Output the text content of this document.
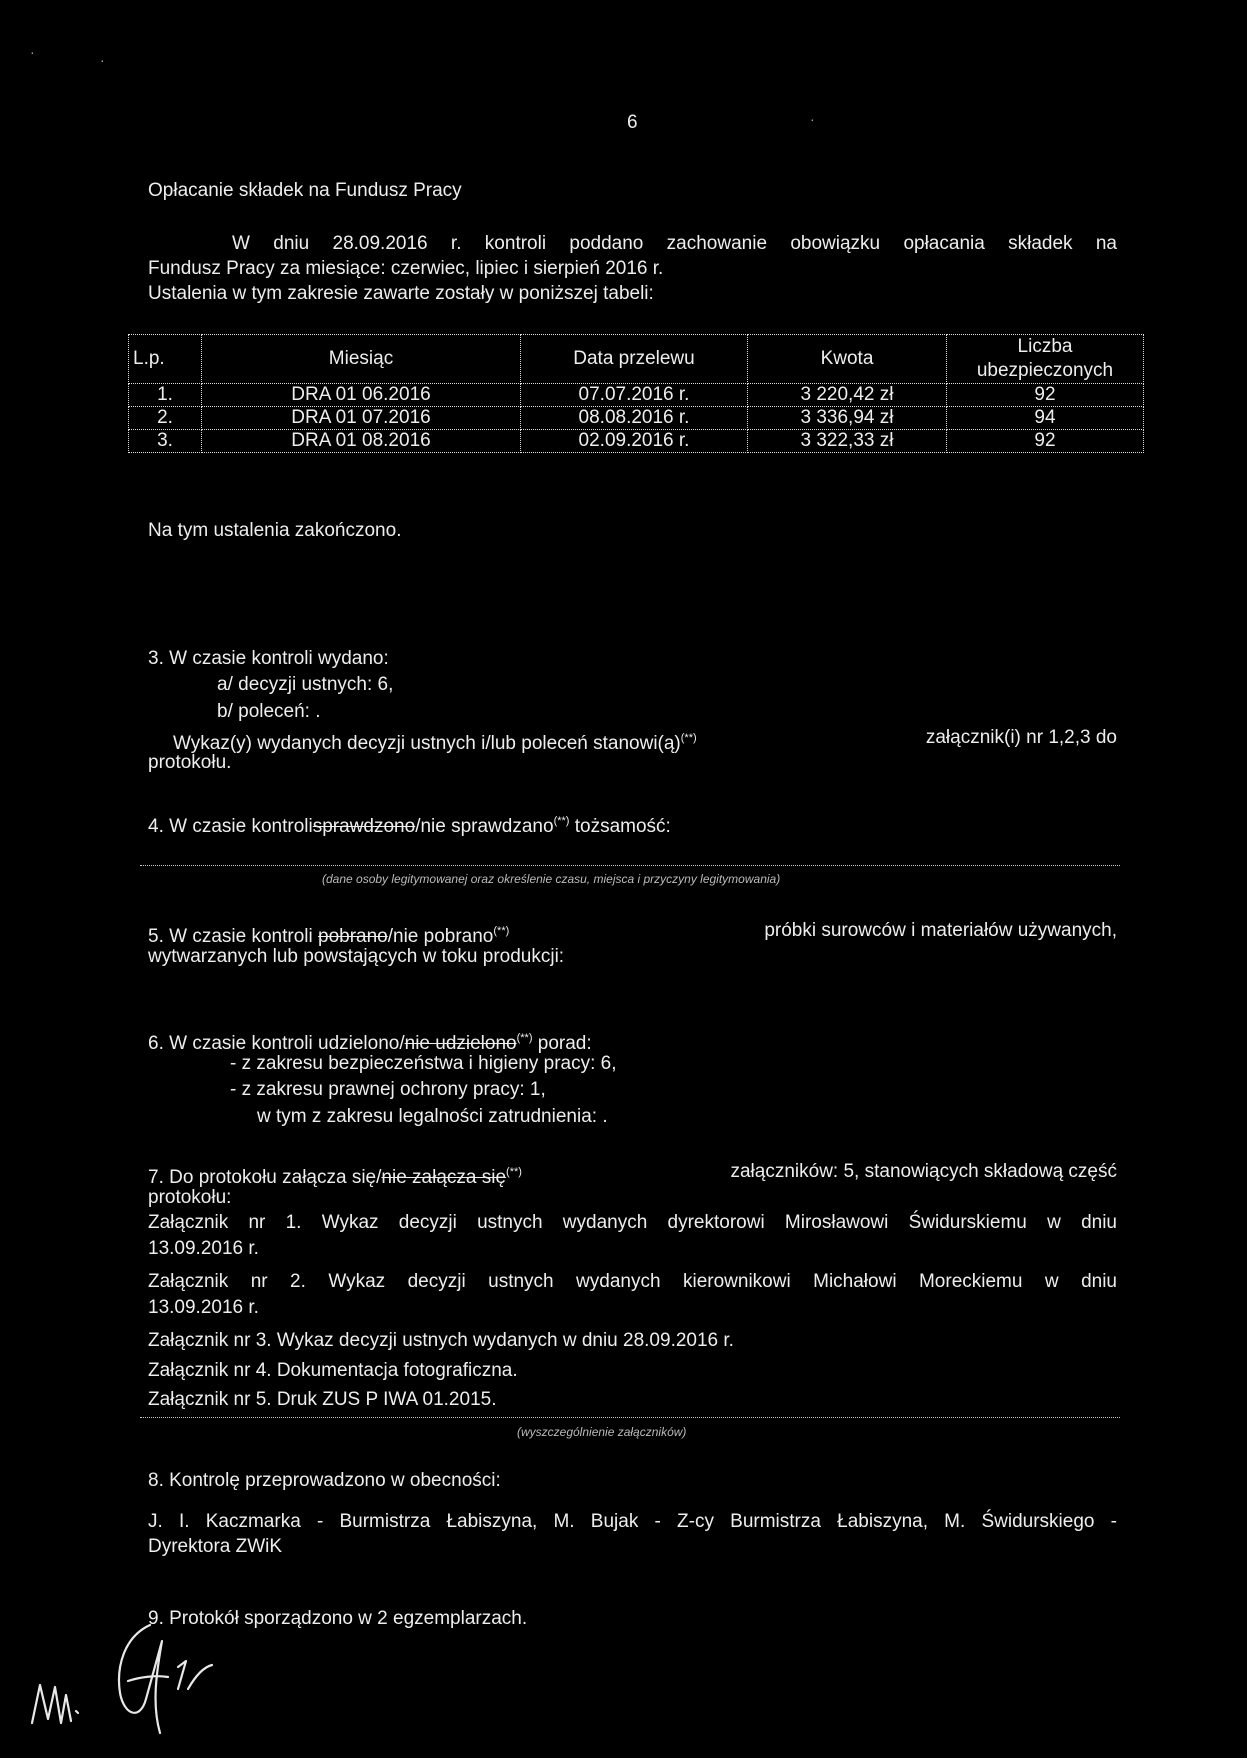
6
Opłacanie składek na Fundusz Pracy
W dniu 28.09.2016 r. kontroli poddano zachowanie obowiązku opłacania składek na
Fundusz Pracy za miesiące: czerwiec, lipiec i sierpień 2016 r.
Ustalenia w tym zakresie zawarte zostały w poniższej tabeli:
L.p.	Miesiąc	Data przelewu	Kwota	Liczba
ubezpieczonych
1.	DRA 01 06.2016	07.07.2016 r.	3 220,42 zł	92
2.	DRA 01 07.2016	08.08.2016 r.	3 336,94 zł	94
3.	DRA 01 08.2016	02.09.2016 r.	3 322,33 zł	92
Na tym ustalenia zakończono.
3. W czasie kontroli wydano:
a/ decyzji ustnych: 6,
b/ poleceń: .
Wykaz(y) wydanych decyzji ustnych i/lub poleceń stanowi(ą)(**)	załącznik(i) nr 1,2,3 do
protokołu.
4. W czasie kontrolisprawdzono/nie sprawdzano(**) tożsamość:
(dane osoby legitymowanej oraz określenie czasu, miejsca i przyczyny legitymowania)
5. W czasie kontroli pobrano/nie pobrano(**)	próbki surowców i materiałów używanych,
wytwarzanych lub powstających w toku produkcji:
6. W czasie kontroli udzielono/nie udzielono(**) porad:
- z zakresu bezpieczeństwa i higieny pracy: 6,
- z zakresu prawnej ochrony pracy: 1,
w tym z zakresu legalności zatrudnienia: .
7. Do protokołu załącza się/nie załącza się(**)	załączników: 5, stanowiących składową część
protokołu:
Załącznik nr 1. Wykaz decyzji ustnych wydanych dyrektorowi Mirosławowi Świdurskiemu w dniu
13.09.2016 r.
Załącznik nr 2. Wykaz decyzji ustnych wydanych kierownikowi Michałowi Moreckiemu w dniu
13.09.2016 r.
Załącznik nr 3. Wykaz decyzji ustnych wydanych w dniu 28.09.2016 r.
Załącznik nr 4. Dokumentacja fotograficzna.
Załącznik nr 5. Druk ZUS P IWA 01.2015.
(wyszczególnienie załączników)
8. Kontrolę przeprowadzono w obecności:
J. I. Kaczmarka - Burmistrza Łabiszyna, M. Bujak - Z-cy Burmistrza Łabiszyna, M. Świdurskiego -
Dyrektora ZWiK
9. Protokół sporządzono w 2 egzemplarzach.
·	·
·
